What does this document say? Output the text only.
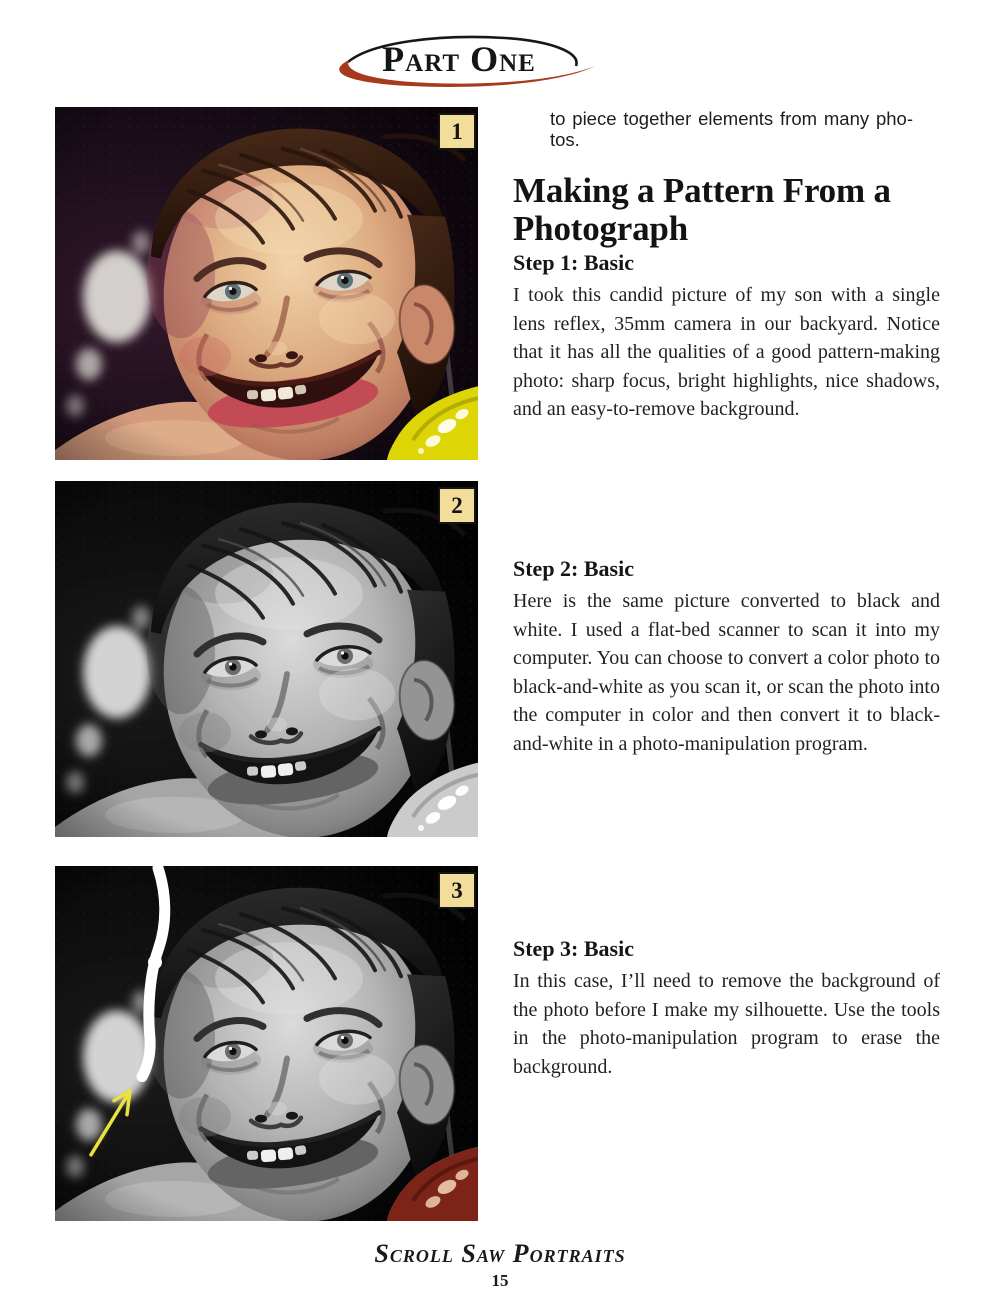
Part One
1
2
3
to piece together elements from many pho-
tos.
Making a Pattern From a
Photograph
Step 1: Basic

I took this candid picture of my son with a single lens reflex, 35mm camera in our backyard. Notice that it has all the qualities of a good pattern-making photo: sharp focus, bright highlights, nice shadows, and an easy-to-remove background.

Step 2: Basic

Here is the same picture converted to black and white. I used a flat-bed scanner to scan it into my computer. You can choose to convert a color photo to black-and-white as you scan it, or scan the photo into the computer in color and then convert it to black-and-white in a photo-manipulation program.

Step 3: Basic

In this case, I’ll need to remove the background of the photo before I make my silhouette. Use the tools in the photo-manipulation program to erase the background.

Scroll Saw Portraits
15
